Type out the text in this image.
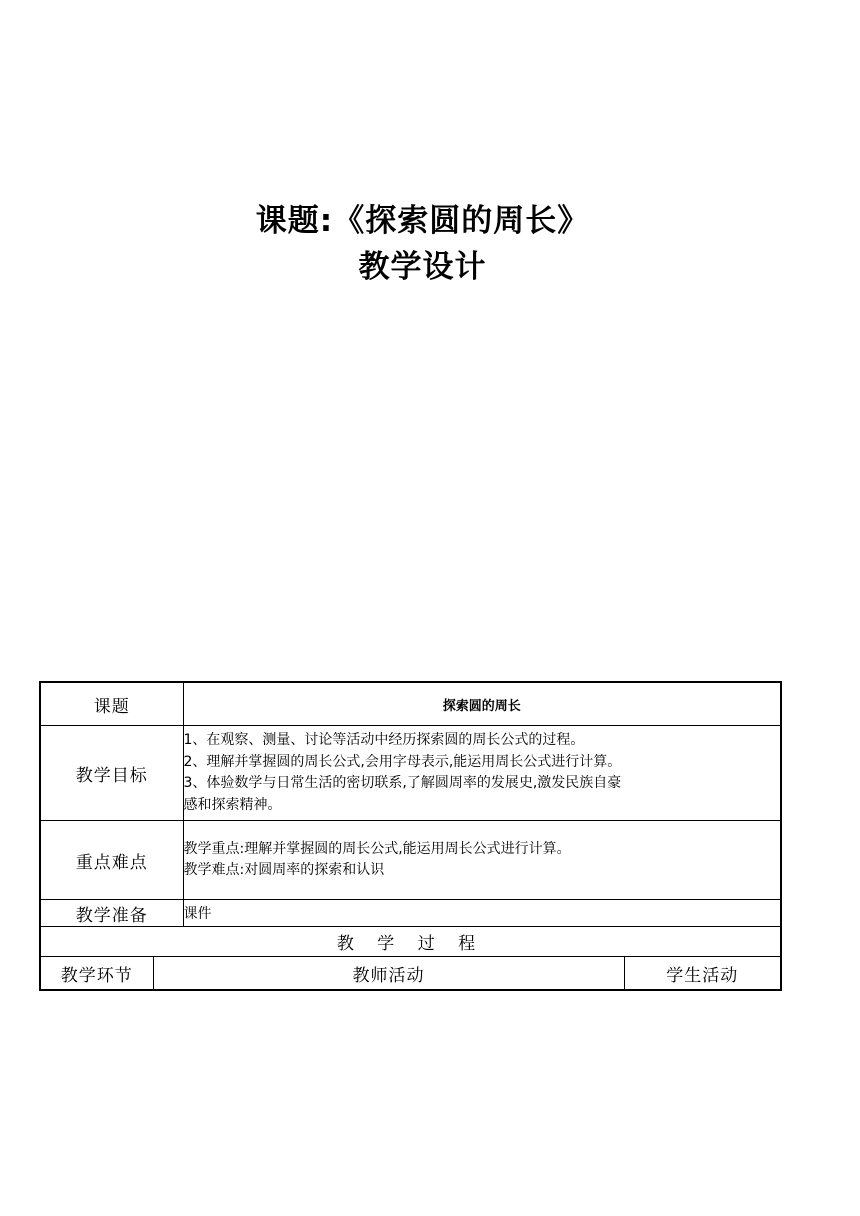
课题:《探索圆的周长》
教学设计
课题		探索圆的周长	
教学目标		1、在观察、测量、讨论等活动中经历探索圆的周长公式的过程。
2、理解并掌握圆的周长公式,会用字母表示,能运用周长公式进行计算。
3、体验数学与日常生活的密切联系,了解圆周率的发展史,激发民族自豪
感和探索精神。	

重点难点		教学重点:理解并掌握圆的周长公式,能运用周长公式进行计算。
教学难点:对圆周率的探索和认识	

教学准备		课件	
教 学 过 程			
教学环节	教师活动		学生活动
